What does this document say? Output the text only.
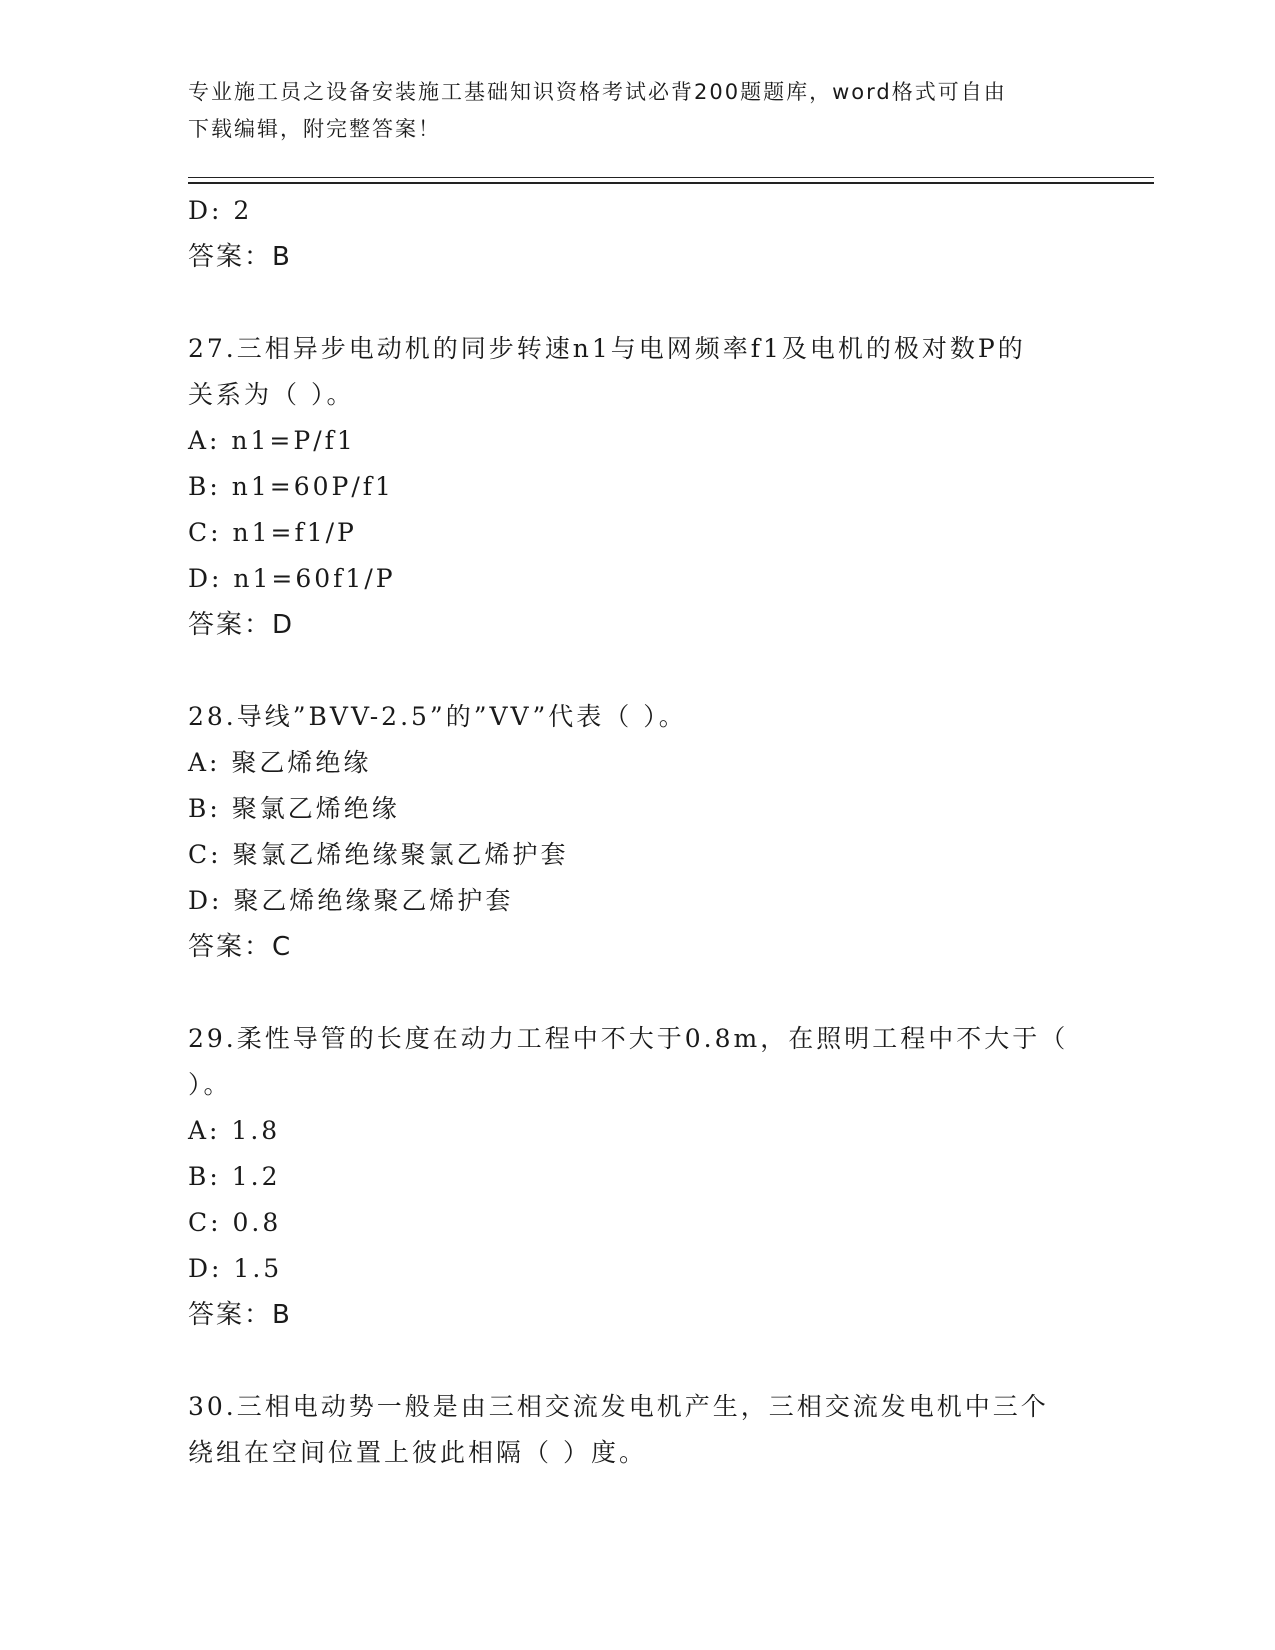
专业施工员之设备安装施工基础知识资格考试必背200题题库，word格式可自由
下载编辑，附完整答案！

D: 2

答案：B

27.三相异步电动机的同步转速n1与电网频率f1及电机的极对数P的

关系为（ ）。

A: n1=P/f1

B: n1=60P/f1

C: n1=f1/P

D: n1=60f1/P

答案：D

28.导线”BVV-2.5”的”VV”代表（ ）。

A: 聚乙烯绝缘

B: 聚氯乙烯绝缘

C: 聚氯乙烯绝缘聚氯乙烯护套

D: 聚乙烯绝缘聚乙烯护套

答案：C

29.柔性导管的长度在动力工程中不大于0.8m，在照明工程中不大于（

）。

A: 1.8

B: 1.2

C: 0.8

D: 1.5

答案：B

30.三相电动势一般是由三相交流发电机产生，三相交流发电机中三个

绕组在空间位置上彼此相隔（ ）度。
